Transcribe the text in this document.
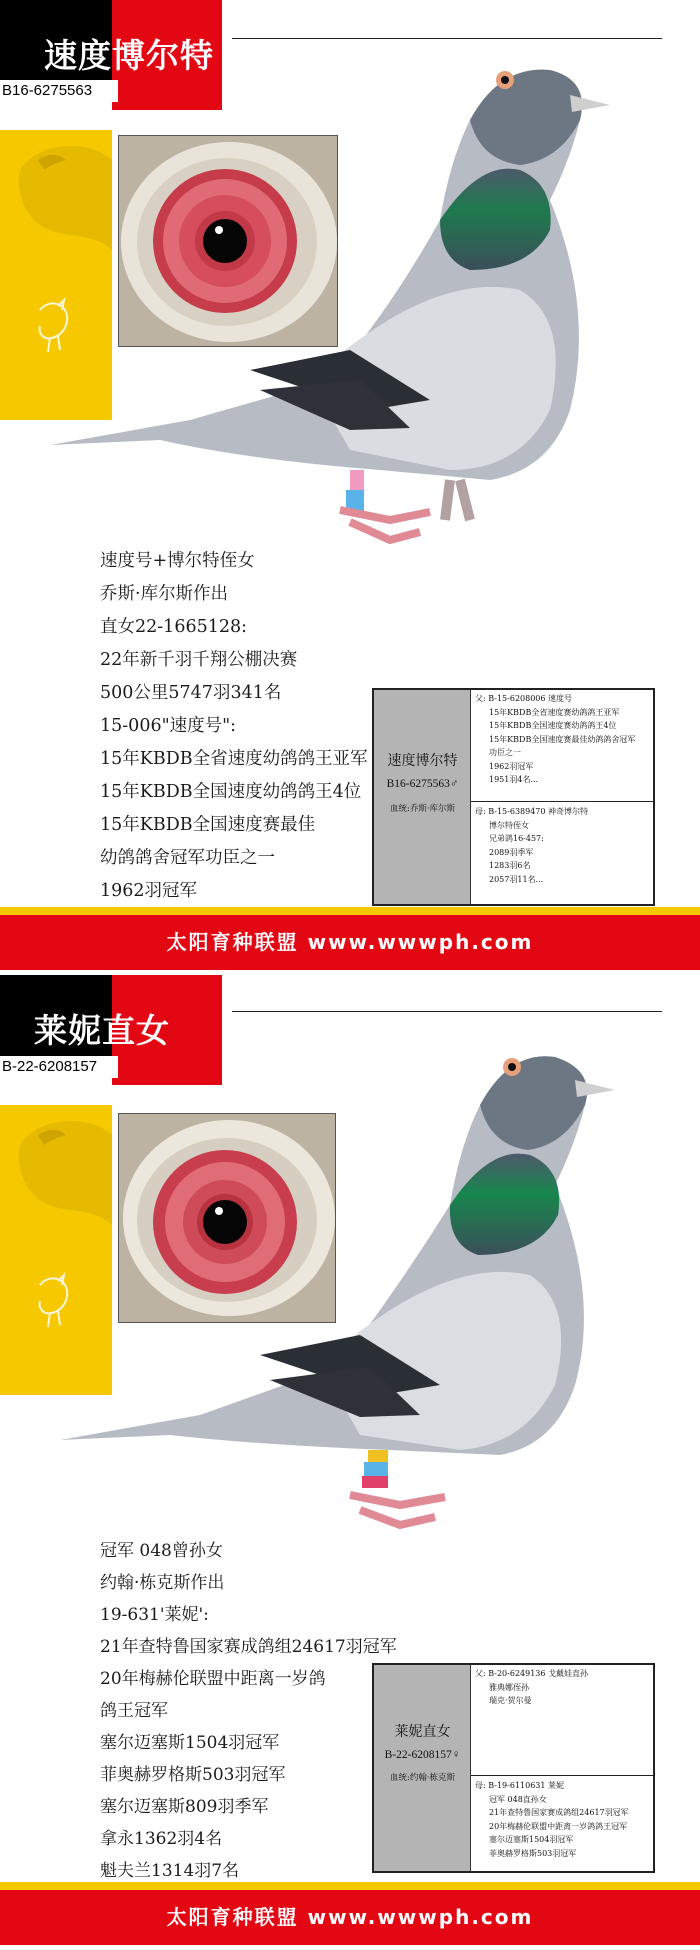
速度博尔特
B16-6275563
HELIOS
速度号+博尔特侄女
乔斯·库尔斯作出
直女22-1665128:
22年新千羽千翔公棚决赛
500公里5747羽341名
15-006"速度号":
15年KBDB全省速度幼鸽鸽王亚军
15年KBDB全国速度幼鸽鸽王4位
15年KBDB全国速度赛最佳
幼鸽鸽舍冠军功臣之一
1962羽冠军
速度博尔特
B16-6275563♂
血统:乔斯·库尔斯
父: B-15-6208006 速度号
15年KBDB全省速度赛幼鸽鸽王亚军
15年KBDB全国速度赛幼鸽鸽王4位
15年KBDB全国速度赛最佳幼鸽鸽舍冠军
功臣之一
1962羽冠军
1951羽4名...
母: B-15-6389470 神奇博尔特
博尔特侄女
兄弟鸽16-457:
2089羽季军
1283羽6名
2057羽11名...
太阳育种联盟 www.wwwph.com
莱妮直女
B-22-6208157
HELIOS
冠军 048曾孙女
约翰·栋克斯作出
19-631'莱妮':
21年查特鲁国家赛成鸽组24617羽冠军
20年梅赫伦联盟中距离一岁鸽
鸽王冠军
塞尔迈塞斯1504羽冠军
菲奥赫罗格斯503羽冠军
塞尔迈塞斯809羽季军
拿永1362羽4名
魁夫兰1314羽7名
莱妮直女
B-22-6208157♀
血统:约翰·栋克斯
父: B-20-6249136 戈戴娃直孙
雅典娜侄孙
瑞克·贺尔曼
母: B-19-6110631 莱妮
冠军 048直孙女
21年查特鲁国家赛成鸽组24617羽冠军
20年梅赫伦联盟中距离一岁鸽鸽王冠军
塞尔迈塞斯1504羽冠军
菲奥赫罗格斯503羽冠军
太阳育种联盟 www.wwwph.com
